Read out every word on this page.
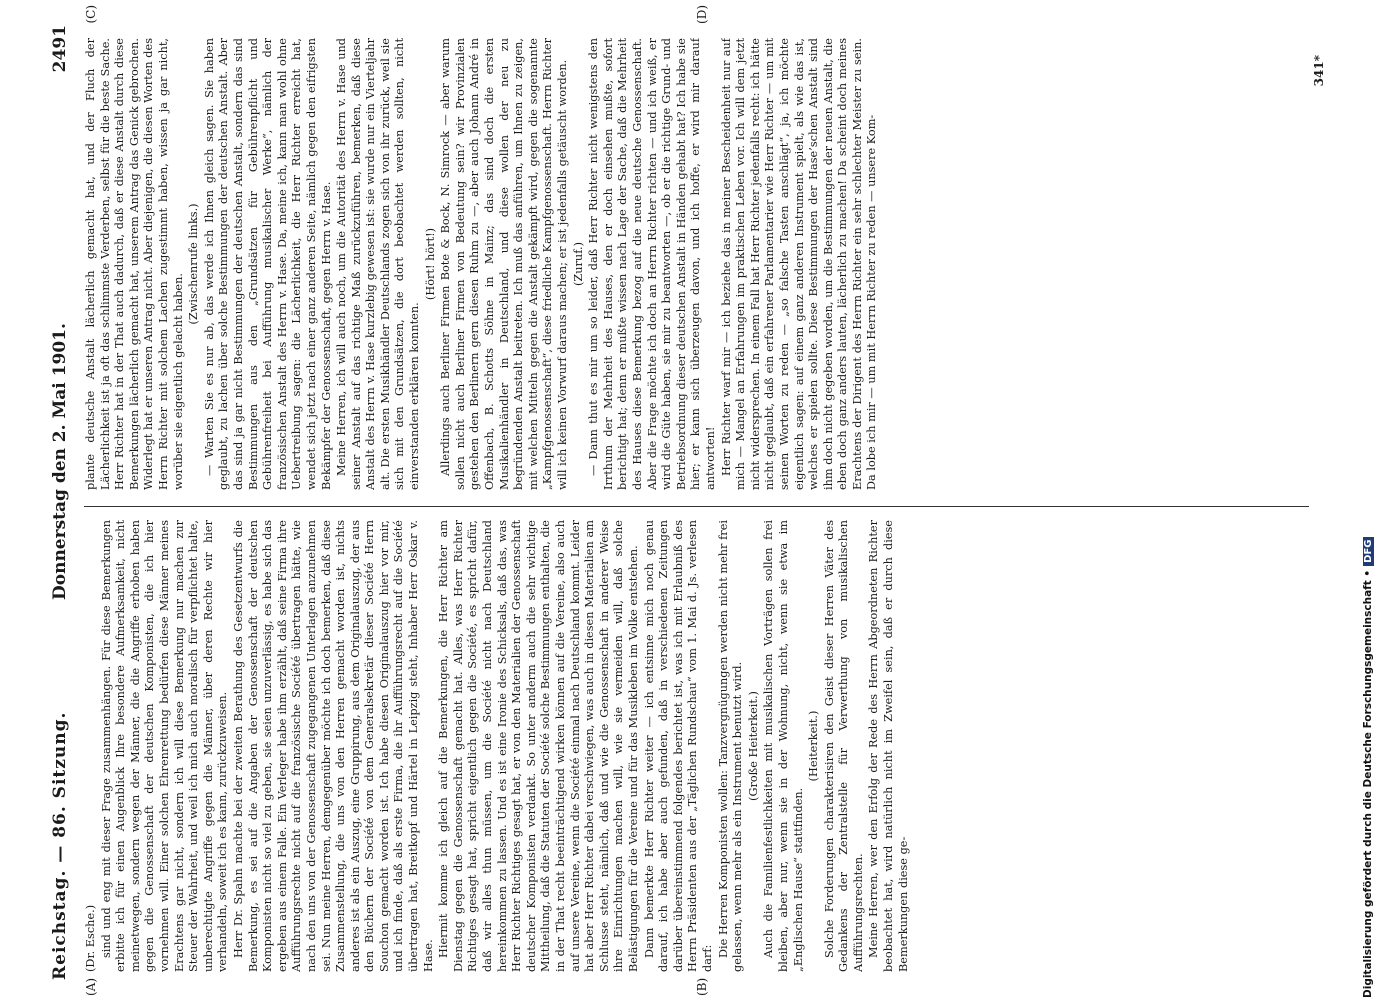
Reichstag. — 86. Sitzung.
Donnerstag den 2. Mai 1901.
2491
(A)	(B)
(C)	(D)

(Dr. Esche.) sind und eng mit dieser Frage zusammenhängen. Für diese Bemerkungen erbitte ich für einen Augenblick Ihre besondere Aufmerksamkeit, nicht meinetwegen, sondern wegen der Männer, die die Angriffe erhoben haben gegen die Genossenschaft der deutschen Komponisten, die ich hier vornehmen will. Einer solchen Ehrenrettung bedürfen diese Männer meines Erachtens gar nicht, sondern ich will diese Bemerkung nur machen zur Steuer der Wahrheit, und weil ich mich auch moralisch für verpflichtet halte, unberechtigte Angriffe gegen die Männer, über deren Rechte wir hier verhandeln, soweit ich es kann, zurückzuweisen. Herr Dr. Spahn machte bei der zweiten Berathung des Gesetzentwurfs die Bemerkung, es sei auf die Angaben der Genossenschaft der deutschen Komponisten nicht so viel zu geben, sie seien unzuverlässig, es habe sich das ergeben aus einem Falle. Ein Verleger habe ihm erzählt, daß seine Firma ihre Aufführungsrechte nicht auf die französische Société übertragen hätte, wie nach den uns von der Genossenschaft zugegangenen Unterlagen anzunehmen sei. Nun meine Herren, demgegenüber möchte ich doch bemerken, daß diese Zusammenstellung, die uns von den Herren gemacht worden ist, nichts anderes ist als ein Auszug, eine Gruppirung, aus dem Originalauszug, der aus den Büchern der Société von dem Generalsekretär dieser Société Herrn Souchon gemacht worden ist. Ich habe diesen Originalauszug hier vor mir, und ich finde, daß als erste Firma, die ihr Aufführungsrecht auf die Société übertragen hat, Breitkopf und Härtel in Leipzig steht, Inhaber Herr Oskar v. Hase. Hiermit komme ich gleich auf die Bemerkungen, die Herr Richter am Dienstag gegen die Genossenschaft gemacht hat. Alles, was Herr Richter Richtiges gesagt hat, spricht eigentlich gegen die Société, es spricht dafür, daß wir alles thun müssen, um die Société nicht nach Deutschland hereinkommen zu lassen. Und es ist eine Ironie des Schicksals, daß das, was Herr Richter Richtiges gesagt hat, er von den Materialien der Genossenschaft deutscher Komponisten verdankt. So unter anderm auch die sehr wichtige Mittheilung, daß die Statuten der Société solche Bestimmungen enthalten, die in der That recht beeinträchtigend wirken können auf die Vereine, also auch auf unsere Vereine, wenn die Société einmal nach Deutschland kommt. Leider hat aber Herr Richter dabei verschwiegen, was auch in diesen Materialien am Schlusse steht, nämlich, daß und wie die Genossenschaft in anderer Weise ihre Einrichtungen machen will, wie sie vermeiden will, daß solche Belästigungen für die Vereine und für das Musikleben im Volke entstehen. Dann bemerkte Herr Richter weiter — ich entsinne mich noch genau darauf, ich habe aber auch gefunden, daß in verschiedenen Zeitungen darüber übereinstimmend folgendes berichtet ist, was ich mit Erlaubniß des Herrn Präsidenten aus der „Täglichen Rundschau“ vom 1. Mai d. Js. verlesen darf:

Die Herren Komponisten wollen: Tanzvergnügungen werden nicht mehr frei gelassen, wenn mehr als ein Instrument benutzt wird. (Große Heiterkeit.) Auch die Familienfestlichkeiten mit musikalischen Vorträgen sollen frei bleiben, aber nur, wenn sie in der Wohnung, nicht, wenn sie etwa im „Englischen Hause“ stattfinden.

(Heiterkeit.) Solche Forderungen charakterisiren den Geist dieser Herren Väter des Gedankens der Zentralstelle für Verwerthung von musikalischen Aufführungsrechten. Meine Herren, wer den Erfolg der Rede des Herrn Abgeordneten Richter beobachtet hat, wird natürlich nicht im Zweifel sein, daß er durch diese Bemerkungen diese ge-

plante deutsche Anstalt lächerlich gemacht hat, und der Fluch der Lächerlichkeit ist ja oft das schlimmste Verderben, selbst für die beste Sache. Herr Richter hat in der That auch dadurch, daß er diese Anstalt durch diese Bemerkungen lächerlich gemacht hat, unserem Antrag das Genick gebrochen. Widerlegt hat er unseren Antrag nicht. Aber diejenigen, die diesen Worten des Herrn Richter mit solchem Lachen zugestimmt haben, wissen ja gar nicht, worüber sie eigentlich gelacht haben.

(Zwischenrufe links.) — Warten Sie es nur ab, das werde ich Ihnen gleich sagen. Sie haben geglaubt, zu lachen über solche Bestimmungen der deutschen Anstalt. Aber das sind ja gar nicht Bestimmungen der deutschen Anstalt, sondern das sind Bestimmungen aus den „Grundsätzen für Gebührenpflicht und Gebührenfreiheit bei Aufführung musikalischer Werke“, nämlich der französischen Anstalt des Herrn v. Hase. Da, meine ich, kann man wohl ohne Uebertreibung sagen: die Lächerlichkeit, die Herr Richter erreicht hat, wendet sich jetzt nach einer ganz anderen Seite, nämlich gegen den eifrigsten Bekämpfer der Genossenschaft, gegen Herrn v. Hase. Meine Herren, ich will auch noch, um die Autorität des Herrn v. Hase und seiner Anstalt auf das richtige Maß zurückzuführen, bemerken, daß diese Anstalt des Herrn v. Hase kurzlebig gewesen ist: sie wurde nur ein Vierteljahr alt. Die ersten Musikhändler Deutschlands zogen sich von ihr zurück, weil sie sich mit den Grundsätzen, die dort beobachtet werden sollten, nicht einverstanden erklären konnten.

(Hört! hört!) Allerdings auch Berliner Firmen Bote & Bock, N. Simrock — aber warum sollen nicht auch Berliner Firmen von Bedeutung sein? wir Provinzialen gestehen den Berlinern gern diesen Ruhm zu —, aber auch Johann André in Offenbach, B. Schotts Söhne in Mainz; das sind doch die ersten Musikalienhändler in Deutschland, und diese wollen der neu zu begründenden Anstalt beitreten. Ich muß das anführen, um Ihnen zu zeigen, mit welchen Mitteln gegen die Anstalt gekämpft wird, gegen die sogenannte „Kampfgenossenschaft“, diese friedliche Kampfgenossenschaft. Herrn Richter will ich keinen Vorwurf daraus machen; er ist jedenfalls getäuscht worden. (Zuruf.) — Dann thut es mir um so leider, daß Herr Richter nicht wenigstens den Irrthum der Mehrheit des Hauses, den er doch einsehen mußte, sofort berichtigt hat; denn er mußte wissen nach Lage der Sache, daß die Mehrheit des Hauses diese Bemerkung bezog auf die neue deutsche Genossenschaft. Aber die Frage möchte ich doch an Herrn Richter richten — und ich weiß, er wird die Güte haben, sie mir zu beantworten —, ob er die richtige Grund- und Betriebsordnung dieser deutschen Anstalt in Händen gehabt hat? Ich habe sie hier; er kann sich überzeugen davon, und ich hoffe, er wird mir darauf antworten! Herr Richter warf mir — ich beziehe das in meiner Bescheidenheit nur auf mich — Mangel an Erfahrungen im praktischen Leben vor. Ich will dem jetzt nicht widersprechen. In einem Fall hat Herr Richter jedenfalls recht: ich hätte nicht geglaubt, daß ein erfahrener Parlamentarier wie Herr Richter — um mit seinen Worten zu reden — „so falsche Tasten anschlägt“, ja, ich möchte eigentlich sagen: auf einem ganz anderen Instrument spielt, als wie das ist, welches er spielen sollte. Diese Bestimmungen der Hase’schen Anstalt sind ihm doch nicht gegeben worden, um die Bestimmungen der neuen Anstalt, die eben doch ganz anders lauten, lächerlich zu machen! Da scheint doch meines Erachtens der Dirigent des Herrn Richter ein sehr schlechter Meister zu sein. Da lobe ich mir — um mit Herrn Richter zu reden — unsere Kom-

341*
Digitalisierung gefördert durch die Deutsche Forschungsgemeinschaft •DFG
